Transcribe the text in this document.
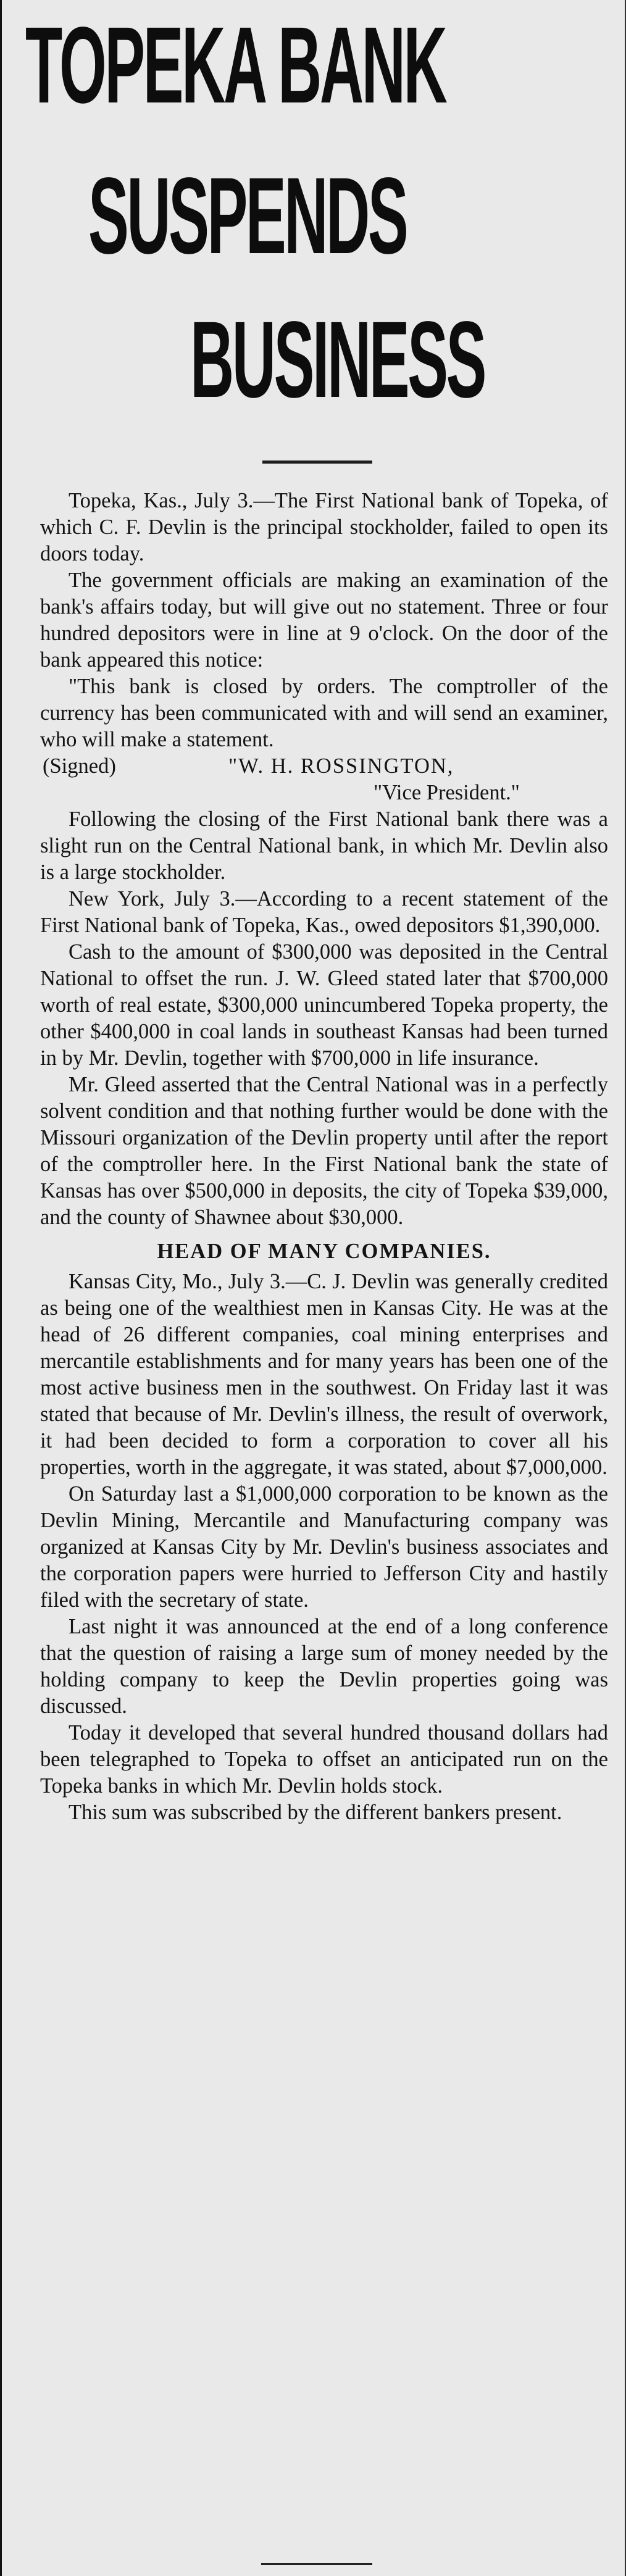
TOPEKA BANK
SUSPENDS
BUSINESS

Topeka, Kas., July 3.—The First National bank of Topeka, of which C. F. Devlin is the principal stockholder, failed to open its doors today.

The government officials are making an examination of the bank's affairs today, but will give out no statement. Three or four hundred depositors were in line at 9 o'clock. On the door of the bank appeared this notice:

"This bank is closed by orders. The comptroller of the currency has been communicated with and will send an examiner, who will make a statement.

(Signed)	"W. H. ROSSINGTON,
"Vice President."

Following the closing of the First National bank there was a slight run on the Central National bank, in which Mr. Devlin also is a large stockholder.

New York, July 3.—According to a recent statement of the First National bank of Topeka, Kas., owed depositors $1,390,000.

Cash to the amount of $300,000 was deposited in the Central National to offset the run. J. W. Gleed stated later that $700,000 worth of real estate, $300,000 unincumbered Topeka property, the other $400,000 in coal lands in southeast Kansas had been turned in by Mr. Devlin, together with $700,000 in life insurance.

Mr. Gleed asserted that the Central National was in a perfectly solvent condition and that nothing further would be done with the Missouri organization of the Devlin property until after the report of the comptroller here. In the First National bank the state of Kansas has over $500,000 in deposits, the city of Topeka $39,000, and the county of Shawnee about $30,000.

HEAD OF MANY COMPANIES.

Kansas City, Mo., July 3.—C. J. Devlin was generally credited as being one of the wealthiest men in Kansas City. He was at the head of 26 different companies, coal mining enterprises and mercantile establishments and for many years has been one of the most active business men in the southwest. On Friday last it was stated that because of Mr. Devlin's illness, the result of overwork, it had been decided to form a corporation to cover all his properties, worth in the aggregate, it was stated, about $7,000,000.

On Saturday last a $1,000,000 corporation to be known as the Devlin Mining, Mercantile and Manufacturing company was organized at Kansas City by Mr. Devlin's business associates and the corporation papers were hurried to Jefferson City and hastily filed with the secretary of state.

Last night it was announced at the end of a long conference that the question of raising a large sum of money needed by the holding company to keep the Devlin properties going was discussed.

Today it developed that several hundred thousand dollars had been telegraphed to Topeka to offset an anticipated run on the Topeka banks in which Mr. Devlin holds stock.

This sum was subscribed by the different bankers present.
